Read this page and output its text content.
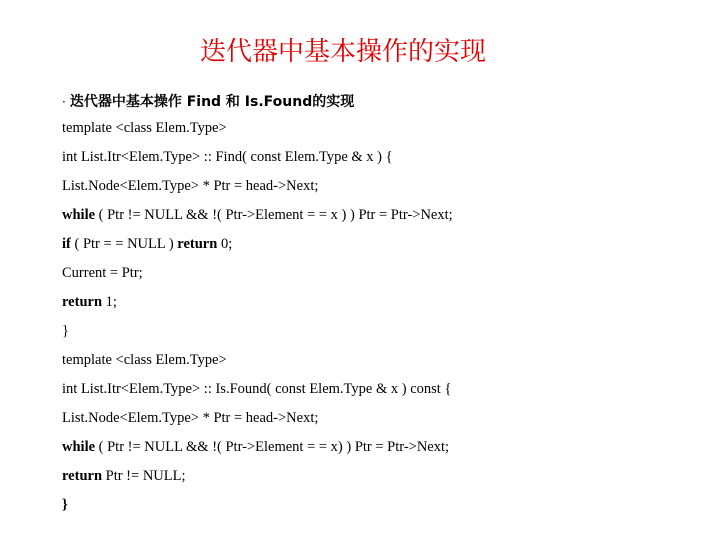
迭代器中基本操作的实现
· 迭代器中基本操作 Find 和 Is.Found的实现
template <class Elem.Type>
int List.Itr<Elem.Type> :: Find( const Elem.Type & x ) {
List.Node<Elem.Type> * Ptr = head->Next;
while ( Ptr != NULL && !( Ptr->Element = = x ) ) Ptr = Ptr->Next;
if ( Ptr = = NULL ) return 0;
Current = Ptr;
return 1;
}
template <class Elem.Type>
int List.Itr<Elem.Type> :: Is.Found( const Elem.Type & x ) const {
List.Node<Elem.Type> * Ptr = head->Next;
while ( Ptr != NULL && !( Ptr->Element = = x) ) Ptr = Ptr->Next;
return Ptr != NULL;
}
